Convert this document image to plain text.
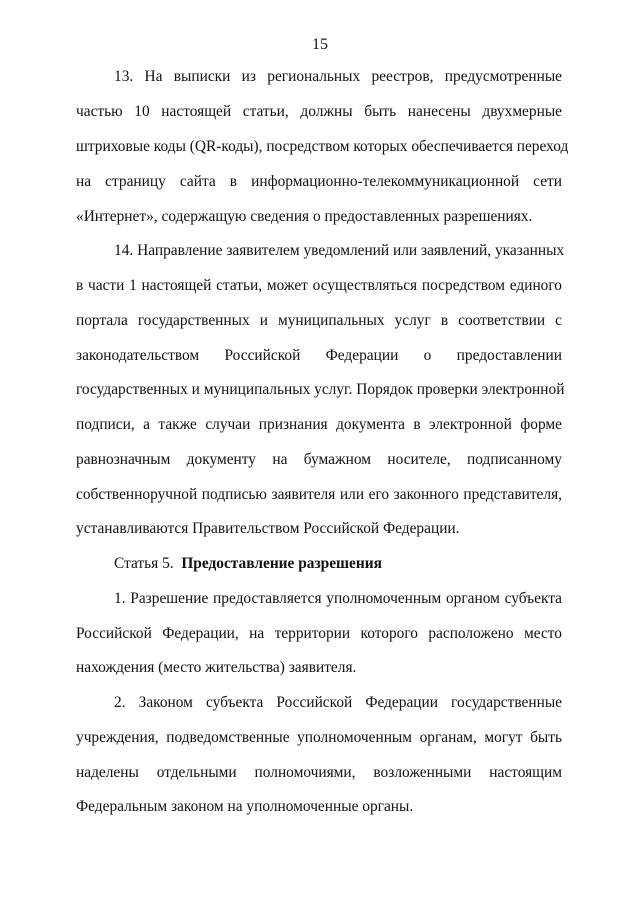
15
13. На выписки из региональных реестров, предусмотренные
частью 10 настоящей статьи, должны быть нанесены двухмерные
штриховые коды (QR-коды), посредством которых обеспечивается переход
на страницу сайта в информационно-телекоммуникационной сети
«Интернет», содержащую сведения о предоставленных разрешениях.
14. Направление заявителем уведомлений или заявлений, указанных
в части 1 настоящей статьи, может осуществляться посредством единого
портала государственных и муниципальных услуг в соответствии с
законодательством Российской Федерации о предоставлении
государственных и муниципальных услуг. Порядок проверки электронной
подписи, а также случаи признания документа в электронной форме
равнозначным документу на бумажном носителе, подписанному
собственноручной подписью заявителя или его законного представителя,
устанавливаются Правительством Российской Федерации.
Статья 5.  Предоставление разрешения
1. Разрешение предоставляется уполномоченным органом субъекта
Российской Федерации, на территории которого расположено место
нахождения (место жительства) заявителя.
2. Законом субъекта Российской Федерации государственные
учреждения, подведомственные уполномоченным органам, могут быть
наделены отдельными полномочиями, возложенными настоящим
Федеральным законом на уполномоченные органы.
